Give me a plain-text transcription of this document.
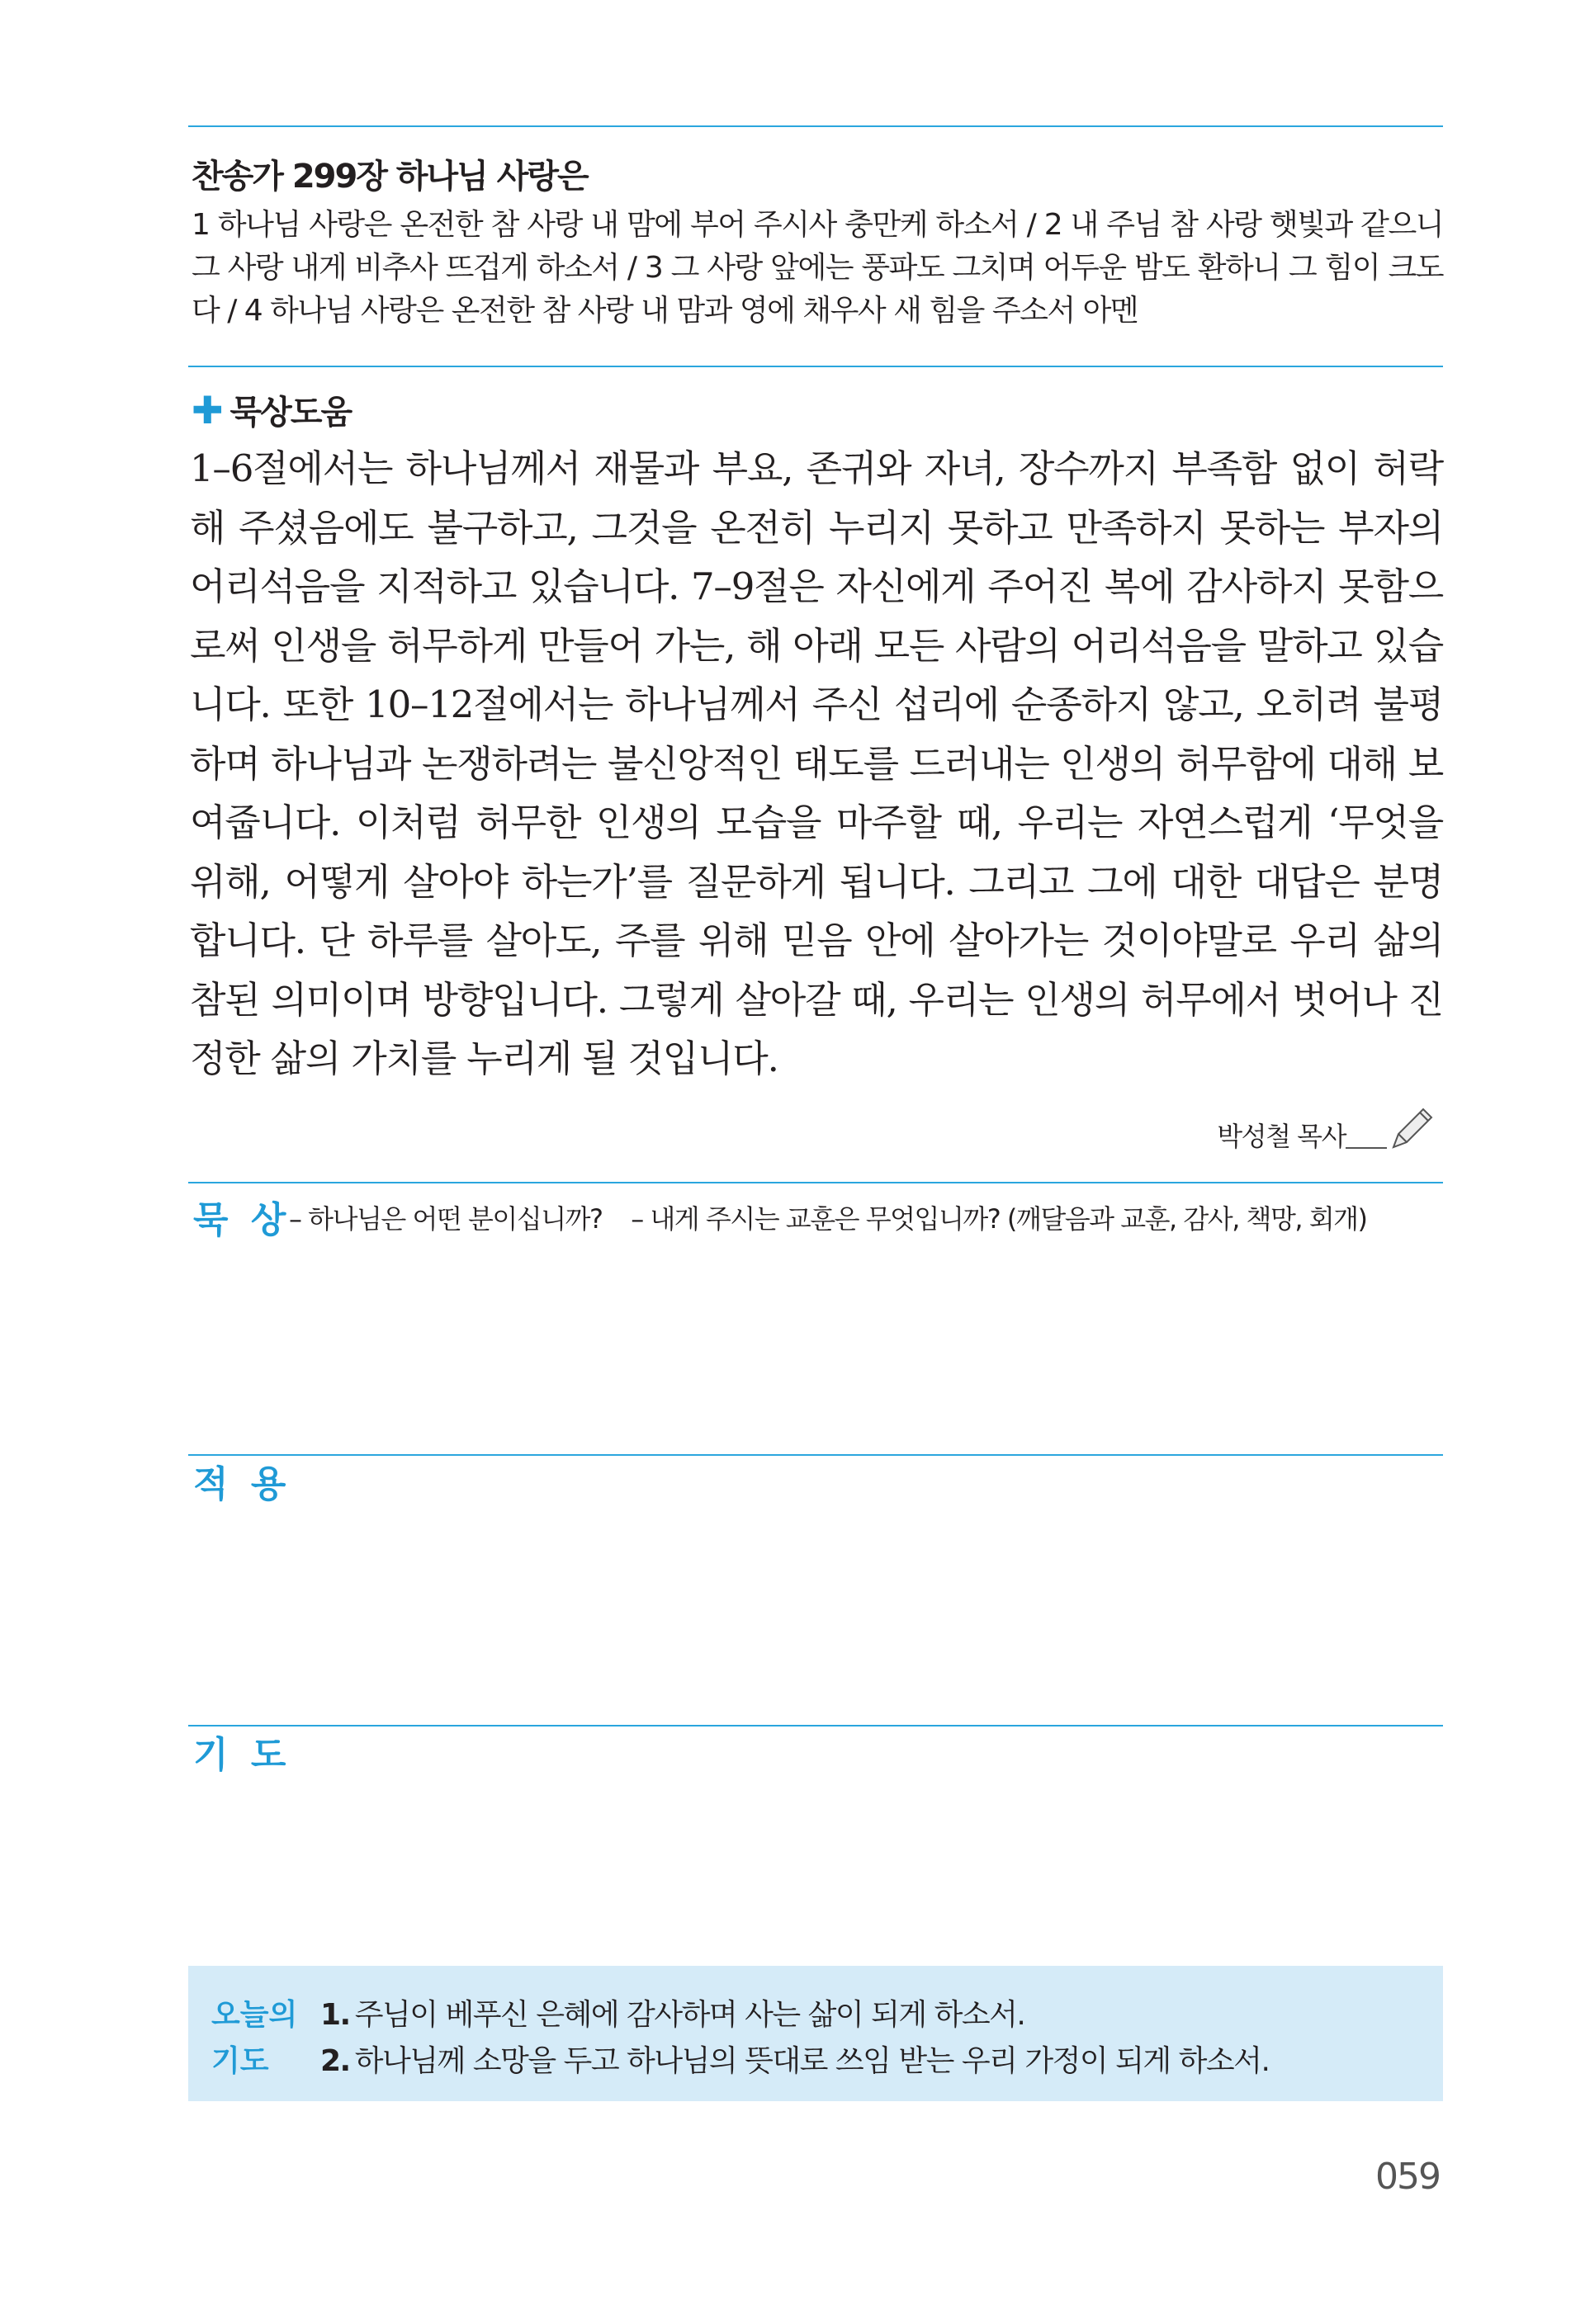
찬송가 299장 하나님 사랑은

1 하나님 사랑은 온전한 참 사랑 내 맘에 부어 주시사 충만케 하소서 / 2 내 주님 참 사랑 햇빛과 같으니 그 사랑 내게 비추사 뜨겁게 하소서 / 3 그 사랑 앞에는 풍파도 그치며 어두운 밤도 환하니 그 힘이 크도다 / 4 하나님 사랑은 온전한 참 사랑 내 맘과 영에 채우사 새 힘을 주소서 아멘

✚ 묵상도움
1–6절에서는 하나님께서 재물과 부요, 존귀와 자녀, 장수까지 부족함 없이 허락해 주셨음에도 불구하고, 그것을 온전히 누리지 못하고 만족하지 못하는 부자의 어리석음을 지적하고 있습니다. 7–9절은 자신에게 주어진 복에 감사하지 못함으로써 인생을 허무하게 만들어 가는, 해 아래 모든 사람의 어리석음을 말하고 있습니다. 또한 10–12절에서는 하나님께서 주신 섭리에 순종하지 않고, 오히려 불평하며 하나님과 논쟁하려는 불신앙적인 태도를 드러내는 인생의 허무함에 대해 보여줍니다. 이처럼 허무한 인생의 모습을 마주할 때, 우리는 자연스럽게 ‘무엇을 위해, 어떻게 살아야 하는가’를 질문하게 됩니다. 그리고 그에 대한 대답은 분명합니다. 단 하루를 살아도, 주를 위해 믿음 안에 살아가는 것이야말로 우리 삶의 참된 의미이며 방향입니다. 그렇게 살아갈 때, 우리는 인생의 허무에서 벗어나 진정한 삶의 가치를 누리게 될 것입니다.
박성철 목사
묵 상
– 하나님은 어떤 분이십니까? – 내게 주시는 교훈은 무엇입니까? (깨달음과 교훈, 감사, 책망, 회개)
적 용
기 도
오늘의 기도
1. 주님이 베푸신 은혜에 감사하며 사는 삶이 되게 하소서.
2. 하나님께 소망을 두고 하나님의 뜻대로 쓰임 받는 우리 가정이 되게 하소서.
059
